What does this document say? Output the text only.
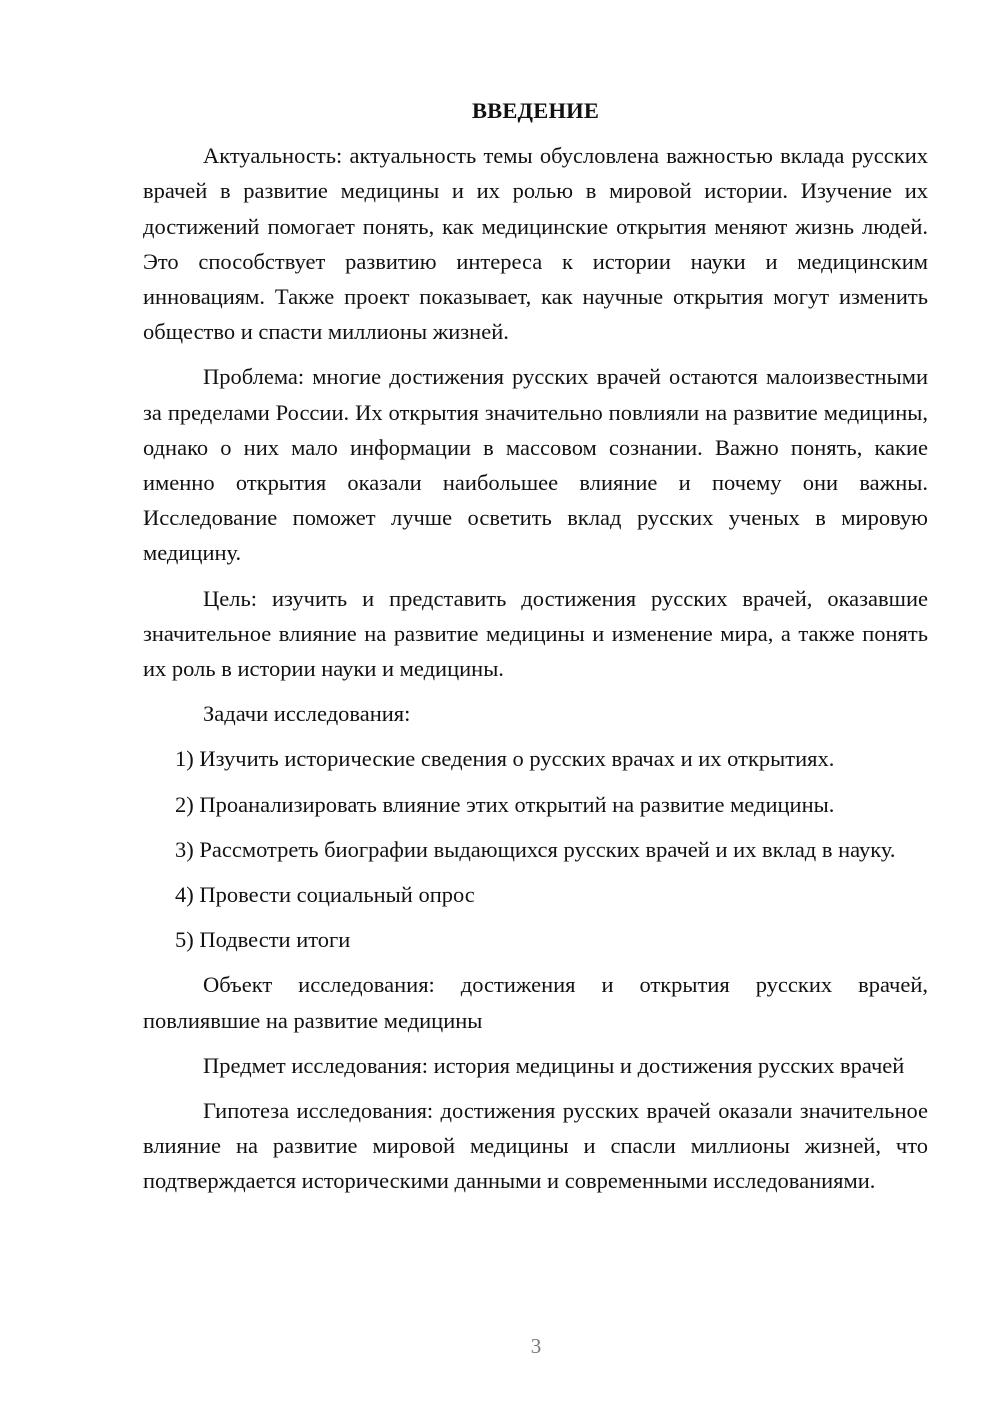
ВВЕДЕНИЕ

Актуальность: актуальность темы обусловлена важностью вклада русских врачей в развитие медицины и их ролью в мировой истории. Изучение их достижений помогает понять, как медицинские открытия меняют жизнь людей. Это способствует развитию интереса к истории науки и медицинским инновациям. Также проект показывает, как научные открытия могут изменить общество и спасти миллионы жизней.

Проблема: многие достижения русских врачей остаются малоизвестными за пределами России. Их открытия значительно повлияли на развитие медицины, однако о них мало информации в массовом сознании. Важно понять, какие именно открытия оказали наибольшее влияние и почему они важны. Исследование поможет лучше осветить вклад русских ученых в мировую медицину.

Цель: изучить и представить достижения русских врачей, оказавшие значительное влияние на развитие медицины и изменение мира, а также понять их роль в истории науки и медицины.

Задачи исследования:

1) Изучить исторические сведения о русских врачах и их открытиях.

2) Проанализировать влияние этих открытий на развитие медицины.

3) Рассмотреть биографии выдающихся русских врачей и их вклад в науку.

4) Провести социальный опрос

5) Подвести итоги

Объект исследования: достижения и открытия русских врачей, повлиявшие на развитие медицины

Предмет исследования: история медицины и достижения русских врачей

Гипотеза исследования: достижения русских врачей оказали значительное влияние на развитие мировой медицины и спасли миллионы жизней, что подтверждается историческими данными и современными исследованиями.

3
